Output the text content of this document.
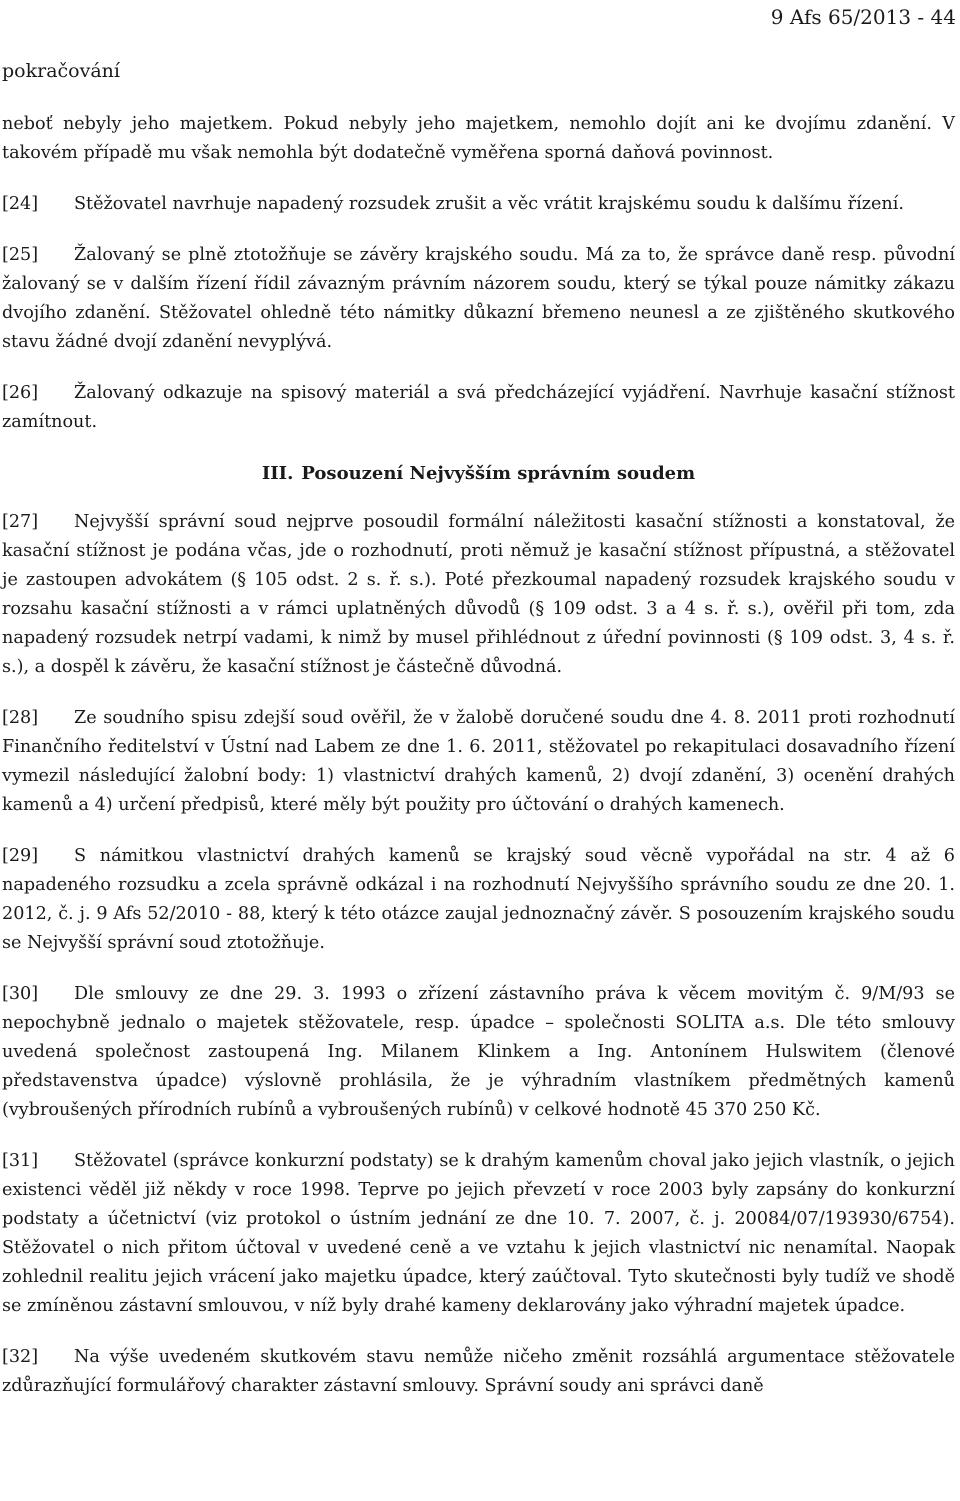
9 Afs 65/2013 - 44
pokračování

neboť nebyly jeho majetkem. Pokud nebyly jeho majetkem, nemohlo dojít ani ke dvojímu zdanění. V takovém případě mu však nemohla být dodatečně vyměřena sporná daňová povinnost.

[24] Stěžovatel navrhuje napadený rozsudek zrušit a věc vrátit krajskému soudu k dalšímu řízení.

[25] Žalovaný se plně ztotožňuje se závěry krajského soudu. Má za to, že správce daně resp. původní žalovaný se v dalším řízení řídil závazným právním názorem soudu, který se týkal pouze námitky zákazu dvojího zdanění. Stěžovatel ohledně této námitky důkazní břemeno neunesl a ze zjištěného skutkového stavu žádné dvojí zdanění nevyplývá.

[26] Žalovaný odkazuje na spisový materiál a svá předcházející vyjádření. Navrhuje kasační stížnost zamítnout.

III. Posouzení Nejvyšším správním soudem

[27] Nejvyšší správní soud nejprve posoudil formální náležitosti kasační stížnosti a konstatoval, že kasační stížnost je podána včas, jde o rozhodnutí, proti němuž je kasační stížnost přípustná, a stěžovatel je zastoupen advokátem (§ 105 odst. 2 s. ř. s.). Poté přezkoumal napadený rozsudek krajského soudu v rozsahu kasační stížnosti a v rámci uplatněných důvodů (§ 109 odst. 3 a 4 s. ř. s.), ověřil při tom, zda napadený rozsudek netrpí vadami, k nimž by musel přihlédnout z úřední povinnosti (§ 109 odst. 3, 4 s. ř. s.), a dospěl k závěru, že kasační stížnost je částečně důvodná.

[28] Ze soudního spisu zdejší soud ověřil, že v žalobě doručené soudu dne 4. 8. 2011 proti rozhodnutí Finančního ředitelství v Ústní nad Labem ze dne 1. 6. 2011, stěžovatel po rekapitulaci dosavadního řízení vymezil následující žalobní body: 1) vlastnictví drahých kamenů, 2) dvojí zdanění, 3) ocenění drahých kamenů a 4) určení předpisů, které měly být použity pro účtování o drahých kamenech.

[29] S námitkou vlastnictví drahých kamenů se krajský soud věcně vypořádal na str. 4 až 6 napadeného rozsudku a zcela správně odkázal i na rozhodnutí Nejvyššího správního soudu ze dne 20. 1. 2012, č. j. 9 Afs 52/2010 - 88, který k této otázce zaujal jednoznačný závěr. S posouzením krajského soudu se Nejvyšší správní soud ztotožňuje.

[30] Dle smlouvy ze dne 29. 3. 1993 o zřízení zástavního práva k věcem movitým č. 9/M/93 se nepochybně jednalo o majetek stěžovatele, resp. úpadce – společnosti SOLITA a.s. Dle této smlouvy uvedená společnost zastoupená Ing. Milanem Klinkem a Ing. Antonínem Hulswitem (členové představenstva úpadce) výslovně prohlásila, že je výhradním vlastníkem předmětných kamenů (vybroušených přírodních rubínů a vybroušených rubínů) v celkové hodnotě 45 370 250 Kč.

[31] Stěžovatel (správce konkurzní podstaty) se k drahým kamenům choval jako jejich vlastník, o jejich existenci věděl již někdy v roce 1998. Teprve po jejich převzetí v roce 2003 byly zapsány do konkurzní podstaty a účetnictví (viz protokol o ústním jednání ze dne 10. 7. 2007, č. j. 20084/07/193930/6754). Stěžovatel o nich přitom účtoval v uvedené ceně a ve vztahu k jejich vlastnictví nic nenamítal. Naopak zohlednil realitu jejich vrácení jako majetku úpadce, který zaúčtoval. Tyto skutečnosti byly tudíž ve shodě se zmíněnou zástavní smlouvou, v níž byly drahé kameny deklarovány jako výhradní majetek úpadce.

[32] Na výše uvedeném skutkovém stavu nemůže ničeho změnit rozsáhlá argumentace stěžovatele zdůrazňující formulářový charakter zástavní smlouvy. Správní soudy ani správci daně
